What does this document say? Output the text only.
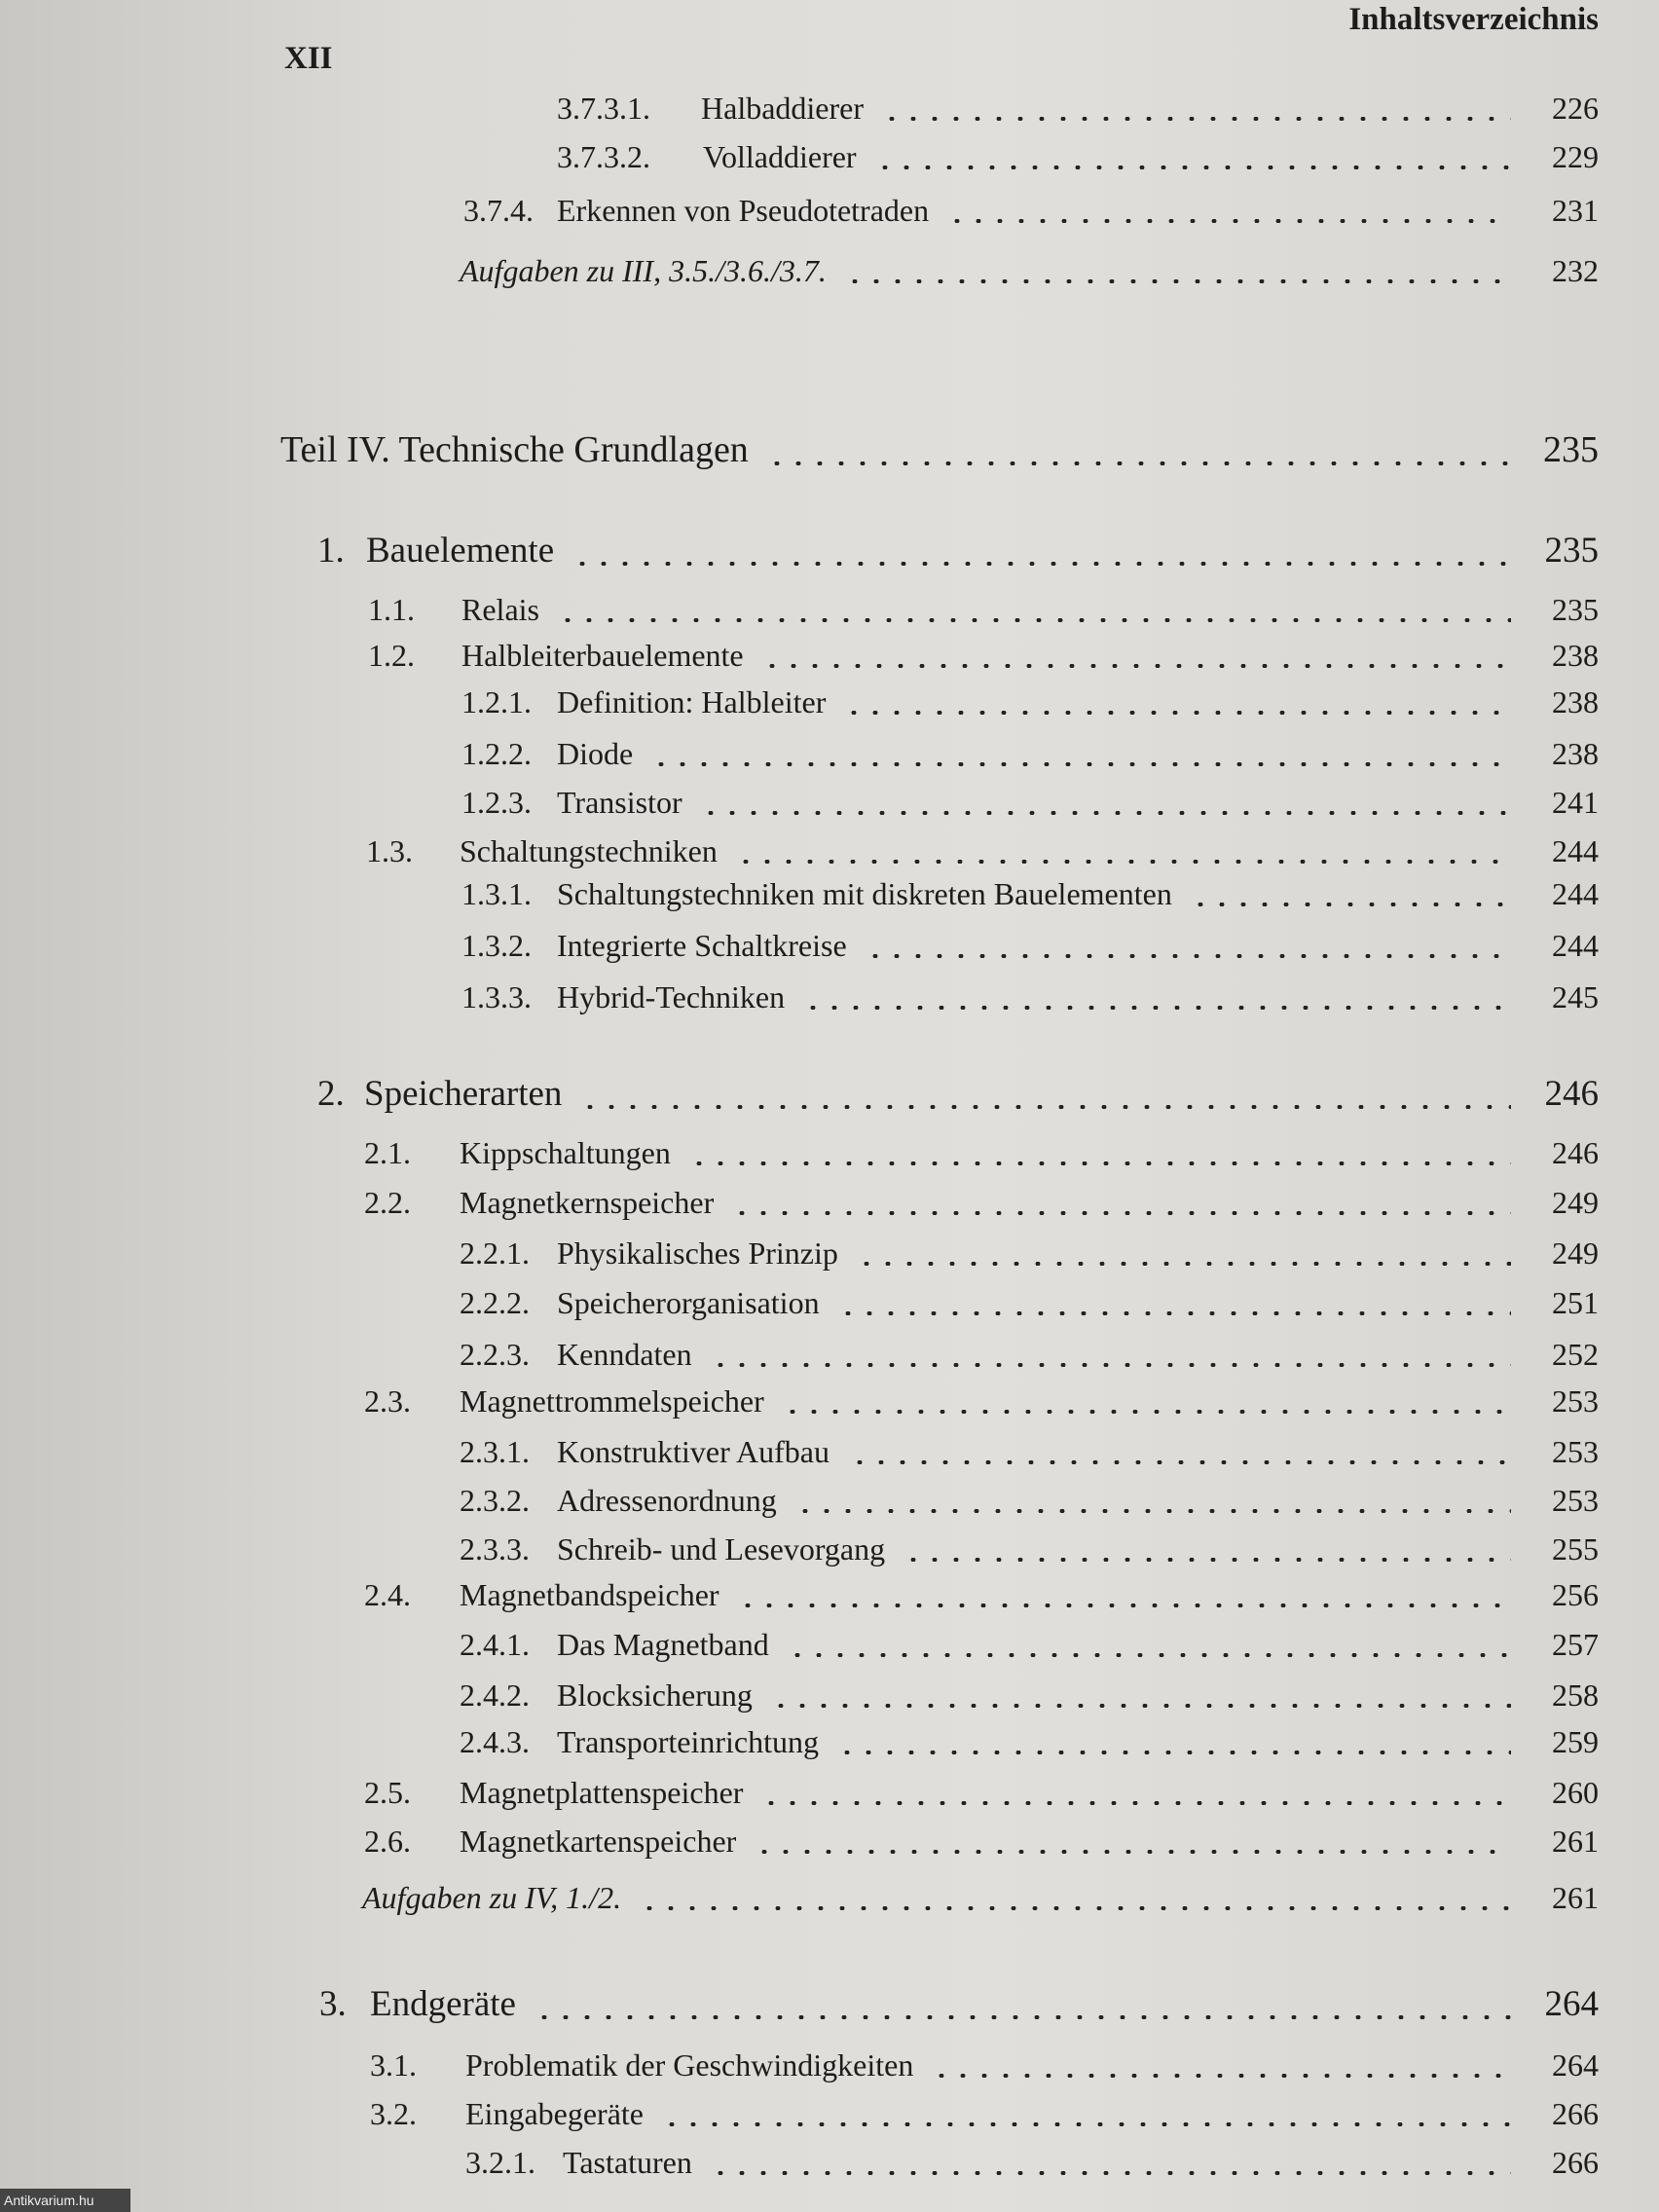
Inhaltsverzeichnis
XII
3.7.3.1. Halbaddierer	226
3.7.3.2. Volladdierer	229
3.7.4. Erkennen von Pseudotetraden	231
Aufgaben zu III, 3.5./3.6./3.7.	232
Teil IV. Technische Grundlagen	235
1. Bauelemente	235
1.1. Relais	235
1.2. Halbleiterbauelemente	238
1.2.1. Definition: Halbleiter	238
1.2.2. Diode	238
1.2.3. Transistor	241
1.3. Schaltungstechniken	244
1.3.1. Schaltungstechniken mit diskreten Bauelementen	244
1.3.2. Integrierte Schaltkreise	244
1.3.3. Hybrid-Techniken	245
2. Speicherarten	246
2.1. Kippschaltungen	246
2.2. Magnetkernspeicher	249
2.2.1. Physikalisches Prinzip	249
2.2.2. Speicherorganisation	251
2.2.3. Kenndaten	252
2.3. Magnettrommelspeicher	253
2.3.1. Konstruktiver Aufbau	253
2.3.2. Adressenordnung	253
2.3.3. Schreib- und Lesevorgang	255
2.4. Magnetbandspeicher	256
2.4.1. Das Magnetband	257
2.4.2. Blocksicherung	258
2.4.3. Transporteinrichtung	259
2.5. Magnetplattenspeicher	260
2.6. Magnetkartenspeicher	261
Aufgaben zu IV, 1./2.	261
3. Endgeräte	264
3.1. Problematik der Geschwindigkeiten	264
3.2. Eingabegeräte	266
3.2.1. Tastaturen	266
Antikvarium.hu
